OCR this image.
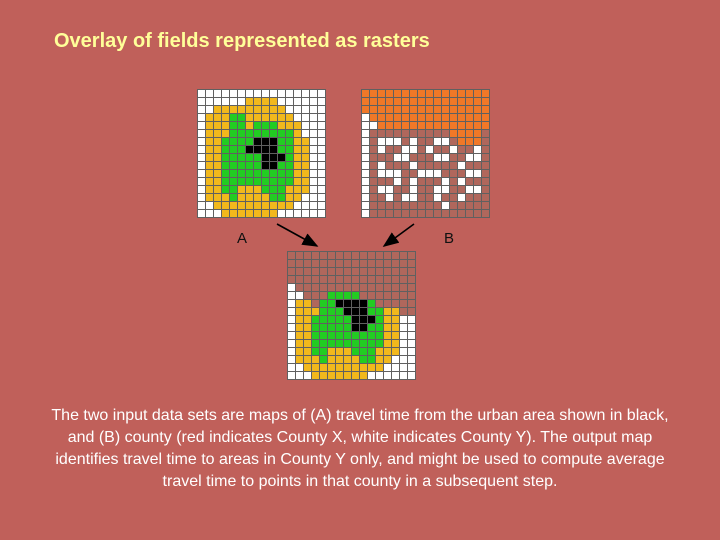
Overlay of fields represented as rasters
A	B
The two input data sets are maps of (A) travel time from the urban area shown in black, and (B) county (red indicates County X, white indicates County Y). The output map identifies travel time to areas in County Y only, and might be used to compute average travel time to points in that county in a subsequent step.
